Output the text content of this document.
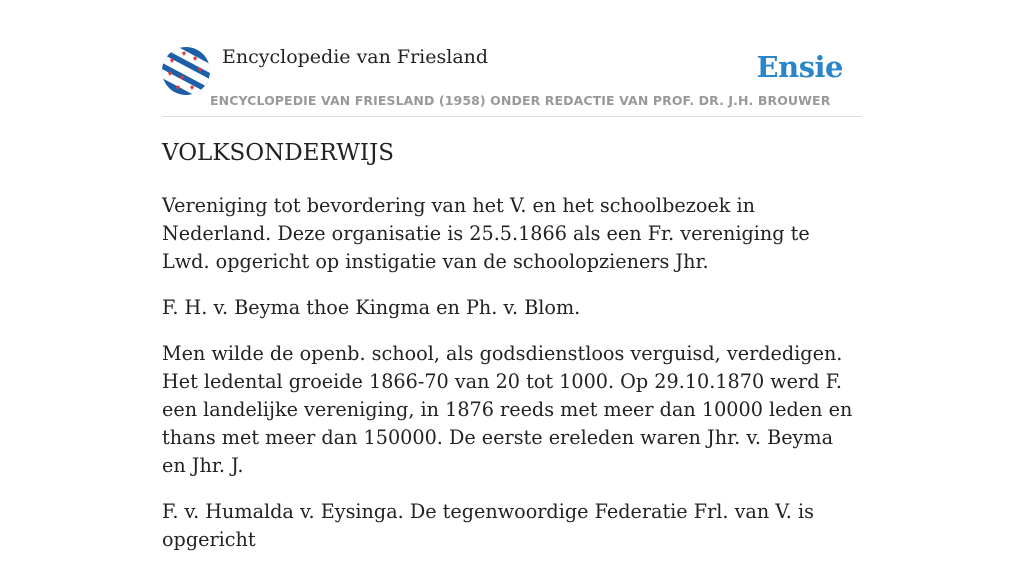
Encyclopedie van Friesland	Ensie
ENCYCLOPEDIE VAN FRIESLAND (1958) ONDER REDACTIE VAN PROF. DR. J.H. BROUWER
VOLKSONDERWIJS

Vereniging tot bevordering van het V. en het schoolbezoek in Nederland. Deze organisatie is 25.5.1866 als een Fr. vereniging te Lwd. opgericht op instigatie van de schoolopzieners Jhr.

F. H. v. Beyma thoe Kingma en Ph. v. Blom.

Men wilde de openb. school, als godsdienstloos verguisd, verdedigen. Het ledental groeide 1866-70 van 20 tot 1000. Op 29.10.1870 werd F. een landelijke vereniging, in 1876 reeds met meer dan 10000 leden en thans met meer dan 150000. De eerste ereleden waren Jhr. v. Beyma en Jhr. J.

F. v. Humalda v. Eysinga. De tegenwoordige Federatie Frl. van V. is opgericht
